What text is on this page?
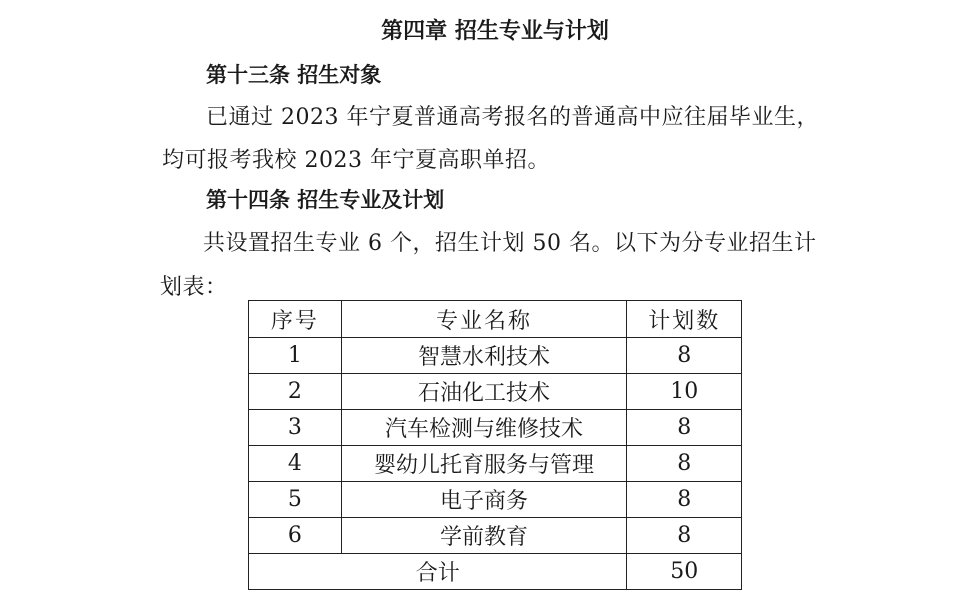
第四章 招生专业与计划
第十三条 招生对象
已通过 2023 年宁夏普通高考报名的普通高中应往届毕业生，
均可报考我校 2023 年宁夏高职单招。
第十四条 招生专业及计划
共设置招生专业 6 个，招生计划 50 名。以下为分专业招生计
划表：
序号	专业名称	计划数
1	智慧水利技术	8
2	石油化工技术	10
3	汽车检测与维修技术	8
4	婴幼儿托育服务与管理	8
5	电子商务	8
6	学前教育	8
合计		50
